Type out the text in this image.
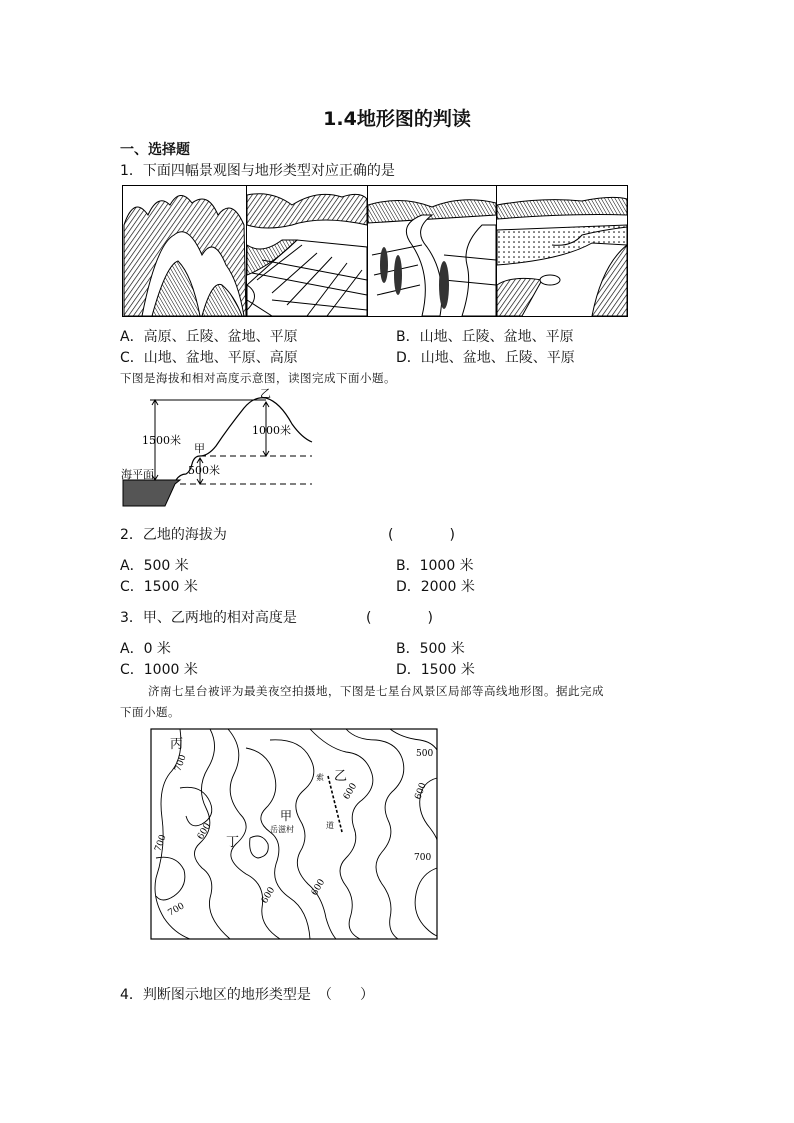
1.4地形图的判读
一、选择题
1．下面四幅景观图与地形类型对应正确的是
A．高原、丘陵、盆地、平原	B．山地、丘陵、盆地、平原
C．山地、盆地、平原、高原	D．山地、盆地、丘陵、平原
下图是海拔和相对高度示意图，读图完成下面小题。
乙
甲
1500米
1000米
500米
海平面
2．乙地的海拔为	(　　　　)
A．500 米	B．1000 米
C．1500 米	D．2000 米
3．甲、乙两地的相对高度是	(　　　　)
A．0 米	B．500 米
C．1000 米	D．1500 米
济南七星台被评为最美夜空拍摄地，下图是七星台风景区局部等高线地形图。据此完成
下面小题。
丙
乙
甲
岳滋村
丁
索
道
500
700
600	600
600
700
700
600	600
700
4．判断图示地区的地形类型是 （　　）
